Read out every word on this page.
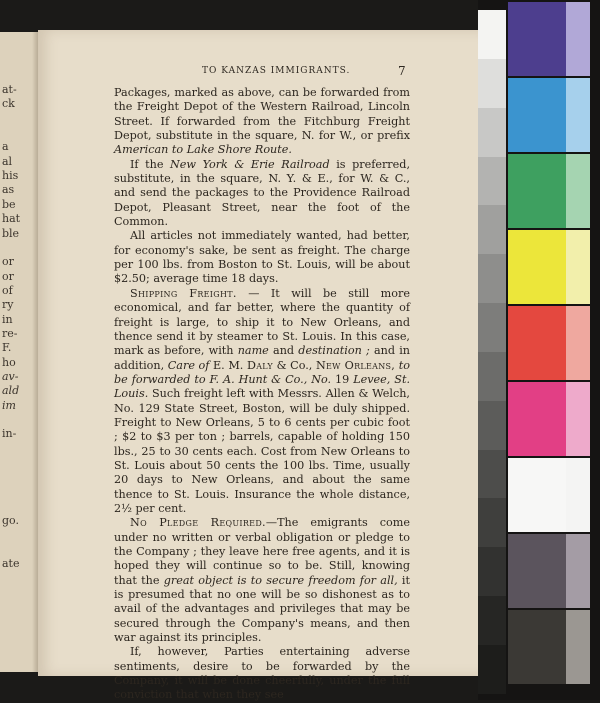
at-
ck
a
al
his
as
be
hat
ble
or
or
of
ry
in
re-
F.
ho
av-
ald
im
in-
go.
ate
TO KANZAS IMMIGRANTS.	7

Packages, marked as above, can be forwarded from the Freight Depot of the Western Railroad, Lincoln Street. If forwarded from the Fitchburg Freight Depot, substitute in the square, N. for W., or prefix American to Lake Shore Route.

If the New York & Erie Railroad is preferred, substitute, in the square, N. Y. & E., for W. & C., and send the packages to the Providence Railroad Depot, Pleasant Street, near the foot of the Common.

All articles not immediately wanted, had better, for economy's sake, be sent as freight. The charge per 100 lbs. from Boston to St. Louis, will be about $2.50; average time 18 days.

Shipping Freight. — It will be still more economical, and far better, where the quantity of freight is large, to ship it to New Orleans, and thence send it by steamer to St. Louis. In this case, mark as before, with name and destination ; and in addition, Care of E. M. Daly & Co., New Orleans, to be forwarded to F. A. Hunt & Co., No. 19 Levee, St. Louis. Such freight left with Messrs. Allen & Welch, No. 129 State Street, Boston, will be duly shipped. Freight to New Orleans, 5 to 6 cents per cubic foot ; $2 to $3 per ton ; barrels, capable of holding 150 lbs., 25 to 30 cents each. Cost from New Orleans to St. Louis about 50 cents the 100 lbs. Time, usually 20 days to New Orleans, and about the same thence to St. Louis. Insurance the whole distance, 2½ per cent.

No Pledge Required.—The emigrants come under no written or verbal obligation or pledge to the Company ; they leave here free agents, and it is hoped they will continue so to be. Still, knowing that the great object is to secure freedom for all, it is presumed that no one will be so dishonest as to avail of the advantages and privileges that may be secured through the Company's means, and then war against its principles.

If, however, Parties entertaining adverse sentiments, desire to be forwarded by the Company, it will be done cheerfully, under the full conviction that when they see
